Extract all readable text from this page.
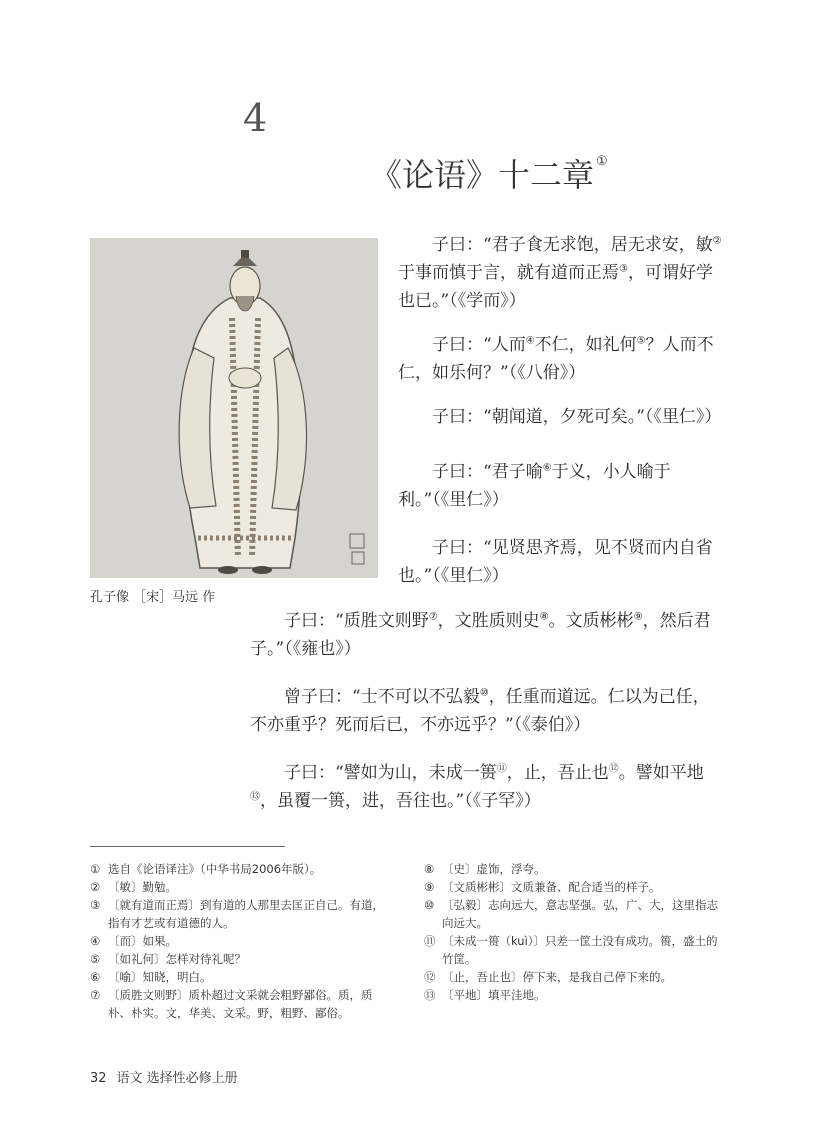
4
《论语》十二章 ①
孔子像 ［宋］马远 作
子曰：“君子食无求饱，居无求安，敏②于事而慎于言，就有道而正焉③，可谓好学也已。”（《学而》）
子曰：“人而④不仁，如礼何⑤？人而不仁，如乐何？”（《八佾》）
子曰：“朝闻道，夕死可矣。”（《里仁》）
子曰：“君子喻⑥于义，小人喻于利。”（《里仁》）
子曰：“见贤思齐焉，见不贤而内自省也。”（《里仁》）
子曰：“质胜文则野⑦，文胜质则史⑧。文质彬彬⑨，然后君子。”（《雍也》）
曾子曰：“士不可以不弘毅⑩，任重而道远。仁以为己任，不亦重乎？死而后已，不亦远乎？”（《泰伯》）
子曰：“譬如为山，未成一篑⑪，止，吾止也⑫。譬如平地⑬，虽覆一篑，进，吾往也。”（《子罕》）
① 选自《论语译注》（中华书局2006年版）。
② 〔敏〕勤勉。
③ 〔就有道而正焉〕到有道的人那里去匡正自己。有道，指有才艺或有道德的人。
④ 〔而〕如果。
⑤ 〔如礼何〕怎样对待礼呢？
⑥ 〔喻〕知晓，明白。
⑦ 〔质胜文则野〕质朴超过文采就会粗野鄙俗。质，质朴、朴实。文，华美、文采。野，粗野、鄙俗。
⑧ 〔史〕虚饰，浮夸。
⑨ 〔文质彬彬〕文质兼备、配合适当的样子。
⑩ 〔弘毅〕志向远大，意志坚强。弘，广、大，这里指志向远大。
⑪ 〔未成一篑（kuì）〕只差一筐土没有成功。篑，盛土的竹筐。
⑫ 〔止，吾止也〕停下来，是我自己停下来的。
⑬ 〔平地〕填平洼地。
32 语文 选择性必修上册
